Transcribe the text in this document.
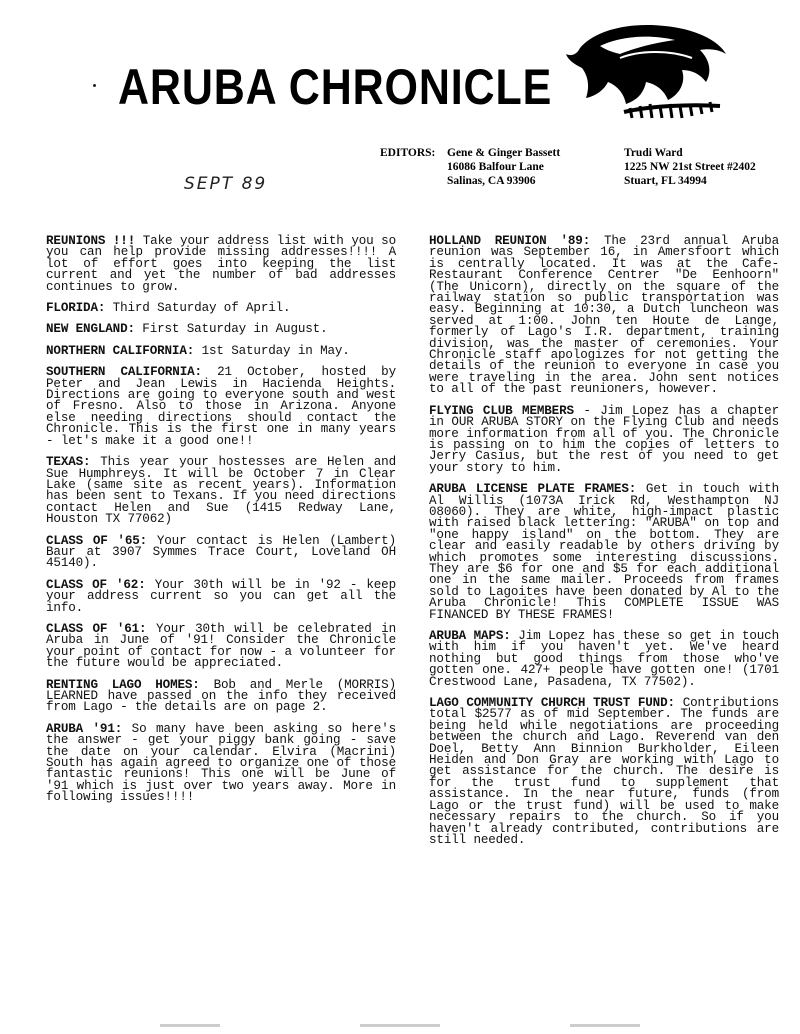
ARUBA CHRONICLE
EDITORS: Gene & Ginger Bassett
16086 Balfour Lane
Salinas, CA 93906
Trudi Ward
1225 NW 21st Street #2402
Stuart, FL 34994
SEPT 89

REUNIONS !!! Take your address list with you so you can help provide missing addresses!!!! A lot of effort goes into keeping the list current and yet the number of bad addresses continues to grow.

FLORIDA: Third Saturday of April.

NEW ENGLAND: First Saturday in August.

NORTHERN CALIFORNIA: 1st Saturday in May.

SOUTHERN CALIFORNIA: 21 October, hosted by Peter and Jean Lewis in Hacienda Heights. Directions are going to everyone south and west of Fresno. Also to those in Arizona. Anyone else needing directions should contact the Chronicle. This is the first one in many years - let's make it a good one!!

TEXAS: This year your hostesses are Helen and Sue Humphreys. It will be October 7 in Clear Lake (same site as recent years). Information has been sent to Texans. If you need directions contact Helen and Sue (1415 Redway Lane, Houston TX 77062)

CLASS OF '65: Your contact is Helen (Lambert) Baur at 3907 Symmes Trace Court, Loveland OH 45140).

CLASS OF '62: Your 30th will be in '92 - keep your address current so you can get all the info.

CLASS OF '61: Your 30th will be celebrated in Aruba in June of '91! Consider the Chronicle your point of contact for now - a volunteer for the future would be appreciated.

RENTING LAGO HOMES: Bob and Merle (MORRIS) LEARNED have passed on the info they received from Lago - the details are on page 2.

ARUBA '91: So many have been asking so here's the answer - get your piggy bank going - save the date on your calendar. Elvira (Macrini) South has again agreed to organize one of those fantastic reunions! This one will be June of '91 which is just over two years away. More in following issues!!!!

HOLLAND REUNION '89: The 23rd annual Aruba reunion was September 16, in Amersfoort which is centrally located. It was at the Cafe-Restaurant Conference Centrer "De Eenhoorn" (The Unicorn), directly on the square of the railway station so public transportation was easy. Beginning at 10:30, a Dutch luncheon was served at 1:00. John ten Houte de Lange, formerly of Lago's I.R. department, training division, was the master of ceremonies. Your Chronicle staff apologizes for not getting the details of the reunion to everyone in case you were traveling in the area. John sent notices to all of the past reunioners, however.

FLYING CLUB MEMBERS - Jim Lopez has a chapter in OUR ARUBA STORY on the Flying Club and needs more information from all of you. The Chronicle is passing on to him the copies of letters to Jerry Casius, but the rest of you need to get your story to him.

ARUBA LICENSE PLATE FRAMES: Get in touch with Al Willis (1073A Irick Rd, Westhampton NJ 08060). They are white, high-impact plastic with raised black lettering: "ARUBA" on top and "one happy island" on the bottom. They are clear and easily readable by others driving by which promotes some interesting discussions. They are $6 for one and $5 for each additional one in the same mailer. Proceeds from frames sold to Lagoites have been donated by Al to the Aruba Chronicle! This COMPLETE ISSUE WAS FINANCED BY THESE FRAMES!

ARUBA MAPS: Jim Lopez has these so get in touch with him if you haven't yet. We've heard nothing but good things from those who've gotten one. 427+ people have gotten one! (1701 Crestwood Lane, Pasadena, TX 77502).

LAGO COMMUNITY CHURCH TRUST FUND: Contributions total $2577 as of mid September. The funds are being held while negotiations are proceeding between the church and Lago. Reverend van den Doel, Betty Ann Binnion Burkholder, Eileen Heiden and Don Gray are working with Lago to get assistance for the church. The desire is for the trust fund to supplement that assistance. In the near future, funds (from Lago or the trust fund) will be used to make necessary repairs to the church. So if you haven't already contributed, contributions are still needed.
